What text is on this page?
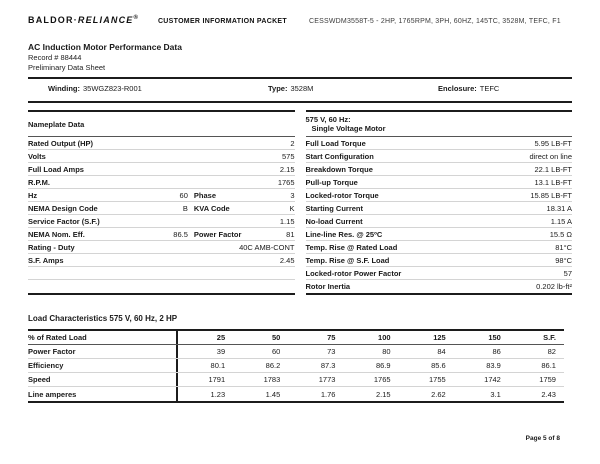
BALDOR·RELIANCE®	CUSTOMER INFORMATION PACKET	CESSWDM3558T-5 - 2HP, 1765RPM, 3PH, 60HZ, 145TC, 3528M, TEFC, F1
AC Induction Motor Performance Data
Record # 88444
Preliminary Data Sheet
Winding: 35WGZ823-R001	Type: 3528M	Enclosure: TEFC
Nameplate Data
Rated Output (HP)	2
Volts	575
Full Load Amps	2.15
R.P.M.	1765
Hz	60 Phase	3
NEMA Design Code	B KVA Code	K
Service Factor (S.F.)	1.15
NEMA Nom. Eff.	86.5 Power Factor	81
Rating - Duty	40C AMB-CONT
S.F. Amps	2.45
575 V, 60 Hz:
Single Voltage Motor
Full Load Torque	5.95 LB-FT
Start Configuration	direct on line
Breakdown Torque	22.1 LB-FT
Pull-up Torque	13.1 LB-FT
Locked-rotor Torque	15.85 LB-FT
Starting Current	18.31 A
No-load Current	1.15 A
Line-line Res. @ 25ºC	15.5 Ω
Temp. Rise @ Rated Load	81°C
Temp. Rise @ S.F. Load	98°C
Locked-rotor Power Factor	57
Rotor Inertia	0.202 lb-ft²
Load Characteristics 575 V, 60 Hz, 2 HP
% of Rated Load	25	50	75	100	125	150	S.F.
Power Factor	39	60	73	80	84	86	82
Efficiency	80.1	86.2	87.3	86.9	85.6	83.9	86.1
Speed	1791	1783	1773	1765	1755	1742	1759
Line amperes	1.23	1.45	1.76	2.15	2.62	3.1	2.43
Page 5 of 8
